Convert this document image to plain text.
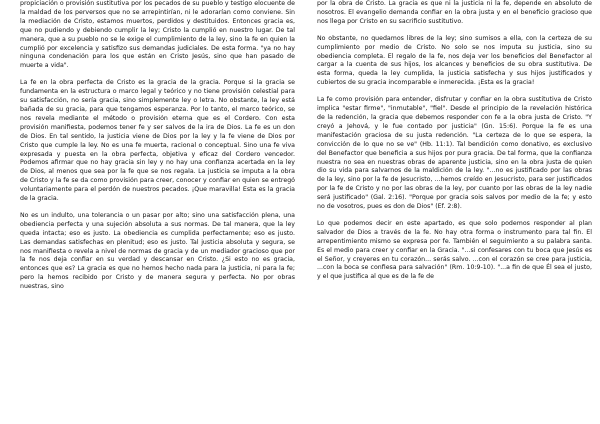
propiciación o provisión sustitutiva por los pecados de su pueblo y testigo elocuente de la maldad de los perversos que no se arrepintirían, ni le adorarían como conviene. Sin la mediación de Cristo, estamos muertos, perdidos y destituidos. Entonces gracia es, que no pudiendo y debiendo cumplir la ley; Cristo la cumplió en nuestro lugar. De tal manera, que a su pueblo no se le exige el cumplimiento de la ley, sino la fe en quien la cumplió por excelencia y satisfizo sus demandas judiciales. De esta forma. "ya no hay ninguna condenación para los que están en Cristo Jesús, sino que han pasado de muerte a vida".

La fe en la obra perfecta de Cristo es la gracia de la gracia. Porque si la gracia se fundamenta en la estructura o marco legal y teórico y no tiene provisión celestial para su satisfacción, no sería gracia, sino simplemente ley o letra. No obstante, la ley está bañada de su gracia, para que tengamos esperanza. Por lo tanto, el marco teórico, se nos revela mediante el método o provisión eterna que es el Cordero. Con esta provisión manifiesta, podemos tener fe y ser salvos de la ira de Dios. La fe es un don de Dios. En tal sentido, la justicia viene de Dios por la ley y la fe viene de Dios por Cristo que cumple la ley. No es una fe muerta, racional o conceptual. Sino una fe viva expresada y puesta en la obra perfecta, objetiva y eficaz del Cordero vencedor. Podemos afirmar que no hay gracia sin ley y no hay una confianza acertada en la ley de Dios, al menos que sea por la fe que se nos regala. La justicia se imputa a la obra de Cristo y la fe se da como provisión para creer, conocer y confiar en quien se entregó voluntariamente para el perdón de nuestros pecados. ¡Que maravilla! Esta es la gracia de la gracia.

No es un indulto, una tolerancia o un pasar por alto; sino una satisfacción plena, una obediencia perfecta y una sujeción absoluta a sus normas. De tal manera, que la ley queda intacta; eso es justo. La obediencia es cumplida perfectamente; eso es justo. Las demandas satisfechas en plenitud; eso es justo. Tal justicia absoluta y segura, se nos manifiesta o revela a nivel de normas de gracia y de un mediador gracioso que por la fe nos deja confiar en su verdad y descansar en Cristo. ¿Si esto no es gracia, entonces que es? La gracia es que no hemos hecho nada para la justicia, ni para la fe; pero la hemos recibido por Cristo y de manera segura y perfecta. No por obras nuestras, sino

por la obra de Cristo. La gracia es que ni la justicia ni la fe, depende en absoluto de nosotros. El evangelio demanda confiar en la obra justa y en el beneficio gracioso que nos llega por Cristo en su sacrificio sustitutivo.

No obstante, no quedamos libres de la ley; sino sumisos a ella, con la certeza de su cumplimiento por medio de Cristo. No solo se nos imputa su justicia, sino su obediencia completa. El regalo de la fe, nos deja ver los beneficios del Benefactor al cargar a la cuenta de sus hijos, los alcances y beneficios de su obra sustitutiva. De esta forma, queda la ley cumplida, la justicia satisfecha y sus hijos justificados y cubiertos de su gracia incomparable e inmerecida. ¡Esta es la gracia!

La fe como provisión para entender, disfrutar y confiar en la obra sustitutiva de Cristo implica "estar firme", "inmutable", "fiel". Desde el principio de la revelación histórica de la redención, la gracia que debemos responder con fe a la obra justa de Cristo. "Y creyó a Jehová, y le fue contado por justicia" (Gn. 15:6). Porque la fe es una manifestación graciosa de su justa redención. "La certeza de lo que se espera, la convicción de lo que no se ve" (Hb. 11:1). Tal bendición como donativo, es exclusivo del Benefactor que beneficia a sus hijos por pura gracia. De tal forma, que la confianza nuestra no sea en nuestras obras de aparente justicia, sino en la obra justa de quien dio su vida para salvarnos de la maldición de la ley. "...no es justificado por las obras de la ley, sino por la fe de Jesucristo, ...hemos creído en Jesucristo, para ser justificados por la fe de Cristo y no por las obras de la ley, por cuanto por las obras de la ley nadie será justificado" (Gal. 2:16). "Porque por gracia sois salvos por medio de la fe; y esto no de vosotros, pues es don de Dios" (Ef. 2:8).

Lo que podemos decir en este apartado, es que solo podemos responder al plan salvador de Dios a través de la fe. No hay otra forma o instrumento para tal fin. El arrepentimiento mismo se expresa por fe. También el seguimiento a su palabra santa. Es el medio para creer y confiar en la Gracia. "...si confesares con tu boca que Jesús es el Señor, y creyeres en tu corazón... serás salvo. ...con el corazón se cree para justicia, ...con la boca se confiesa para salvación" (Rm. 10:9-10). "...a fin de que Él sea el justo, y el que justifica al que es de la fe de
